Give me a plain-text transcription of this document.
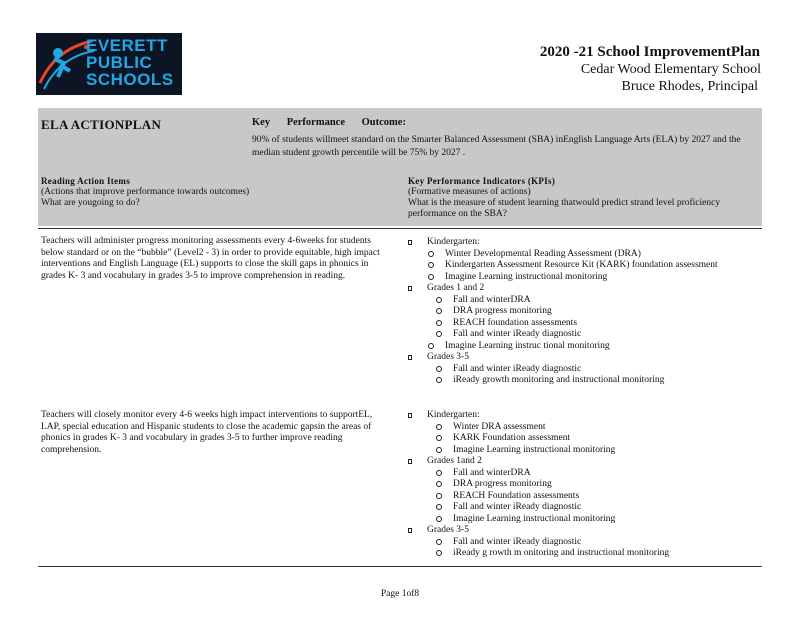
EVERETT
PUBLIC
SCHOOLS
2020 -21 School ImprovementPlan
Cedar Wood Elementary School
Bruce Rhodes, Principal
ELA ACTIONPLAN	Key Performance Outcome:
90% of students willmeet standard on the Smarter Balanced Assessment (SBA) inEnglish Language Arts (ELA) by 2027 and the median student growth percentile will be 75% by 2027 .
Reading Action Items
(Actions that improve performance towards outcomes)
What are yougoing to do?
Key Performance Indicators (KPIs)
(Formative measures of actions)
What is the measure of student learning thatwould predict strand level proficiency performance on the SBA?
Teachers will administer progress monitoring assessments every 4-6weeks for students below standard or on the “bubble” (Level2 - 3) in order to provide equitable, high impact interventions and English Language (EL) supports to close the skill gaps in phonics in grades K- 3 and vocabulary in grades 3-5 to improve comprehension in reading.
Kindergarten:
Winter Developmental Reading Assessment (DRA)
Kindergarten Assessment Resource Kit (KARK) foundation assessment
Imagine Learning instructional monitoring
Grades 1 and 2
Fall and winterDRA
DRA progress monitoring
REACH foundation assessments
Fall and winter iReady diagnostic
Imagine Learning instruc tional monitoring
Grades 3-5
Fall and winter iReady diagnostic
iReady growth monitoring and instructional monitoring
Teachers will closely monitor every 4-6 weeks high impact interventions to supportEL, LAP, special education and Hispanic students to close the academic gapsin the areas of phonics in grades K- 3 and vocabulary in grades 3-5 to further improve reading comprehension.
Kindergarten:
Winter DRA assessment
KARK Foundation assessment
Imagine Learning instructional monitoring
Grades 1and 2
Fall and winterDRA
DRA progress monitoring
REACH Foundation assessments
Fall and winter iReady diagnostic
Imagine Learning instructional monitoring
Grades 3-5
Fall and winter iReady diagnostic
iReady g rowth m onitoring and instructional monitoring
Page 1of8
